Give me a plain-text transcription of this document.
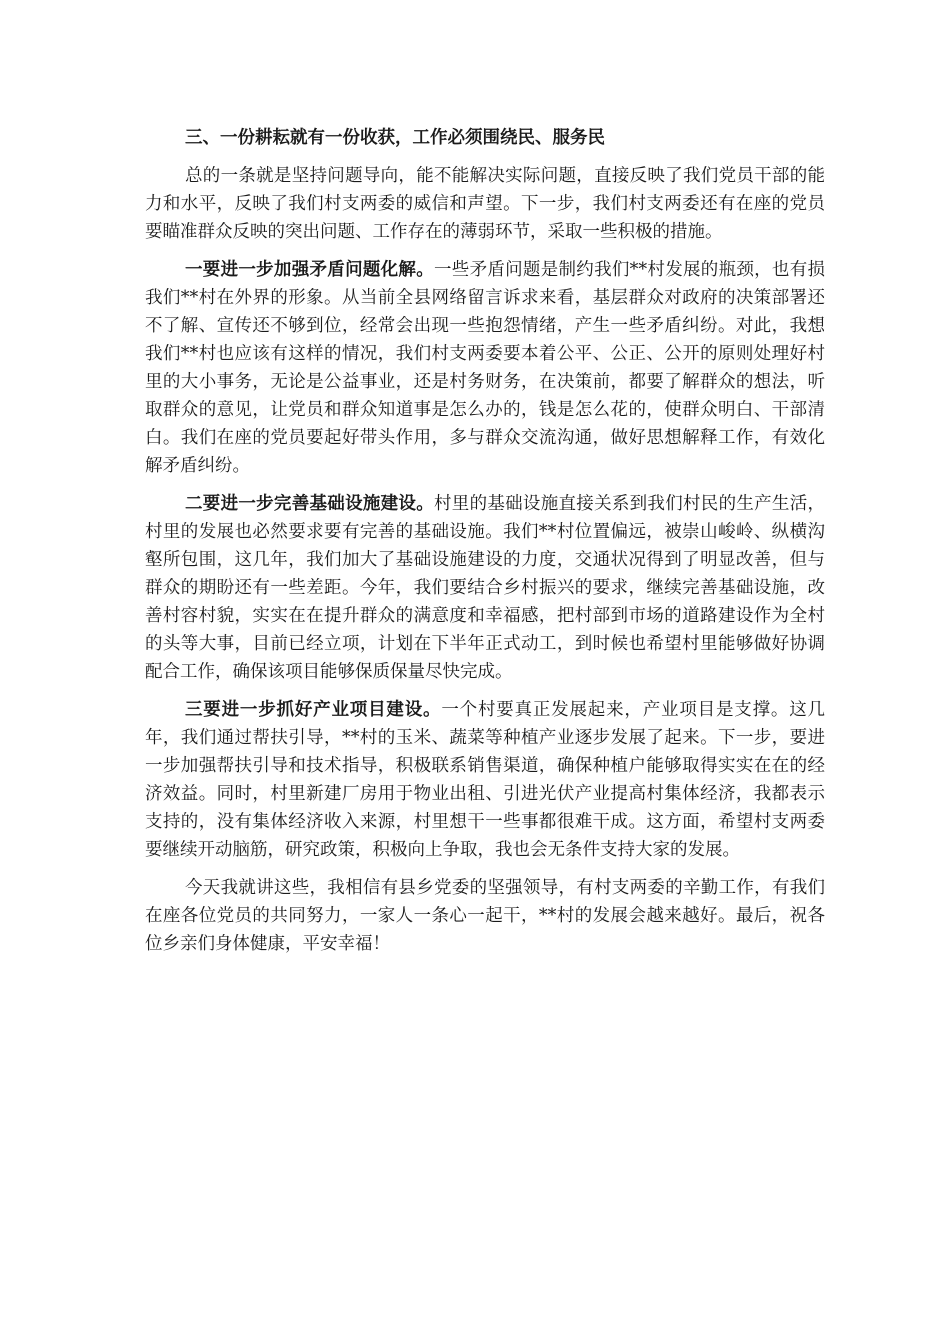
三、一份耕耘就有一份收获，工作必须围绕民、服务民

总的一条就是坚持问题导向，能不能解决实际问题，直接反映了我们党员干部的能力和水平，反映了我们村支两委的威信和声望。下一步，我们村支两委还有在座的党员要瞄准群众反映的突出问题、工作存在的薄弱环节，采取一些积极的措施。

一要进一步加强矛盾问题化解。一些矛盾问题是制约我们**村发展的瓶颈，也有损我们**村在外界的形象。从当前全县网络留言诉求来看，基层群众对政府的决策部署还不了解、宣传还不够到位，经常会出现一些抱怨情绪，产生一些矛盾纠纷。对此，我想我们**村也应该有这样的情况，我们村支两委要本着公平、公正、公开的原则处理好村里的大小事务，无论是公益事业，还是村务财务，在决策前，都要了解群众的想法，听取群众的意见，让党员和群众知道事是怎么办的，钱是怎么花的，使群众明白、干部清白。我们在座的党员要起好带头作用，多与群众交流沟通，做好思想解释工作，有效化解矛盾纠纷。

二要进一步完善基础设施建设。村里的基础设施直接关系到我们村民的生产生活，村里的发展也必然要求要有完善的基础设施。我们**村位置偏远，被崇山峻岭、纵横沟壑所包围，这几年，我们加大了基础设施建设的力度，交通状况得到了明显改善，但与群众的期盼还有一些差距。今年，我们要结合乡村振兴的要求，继续完善基础设施，改善村容村貌，实实在在提升群众的满意度和幸福感，把村部到市场的道路建设作为全村的头等大事，目前已经立项，计划在下半年正式动工，到时候也希望村里能够做好协调配合工作，确保该项目能够保质保量尽快完成。

三要进一步抓好产业项目建设。一个村要真正发展起来，产业项目是支撑。这几年，我们通过帮扶引导，**村的玉米、蔬菜等种植产业逐步发展了起来。下一步，要进一步加强帮扶引导和技术指导，积极联系销售渠道，确保种植户能够取得实实在在的经济效益。同时，村里新建厂房用于物业出租、引进光伏产业提高村集体经济，我都表示支持的，没有集体经济收入来源，村里想干一些事都很难干成。这方面，希望村支两委要继续开动脑筋，研究政策，积极向上争取，我也会无条件支持大家的发展。

今天我就讲这些，我相信有县乡党委的坚强领导，有村支两委的辛勤工作，有我们在座各位党员的共同努力，一家人一条心一起干，**村的发展会越来越好。最后，祝各位乡亲们身体健康，平安幸福！
